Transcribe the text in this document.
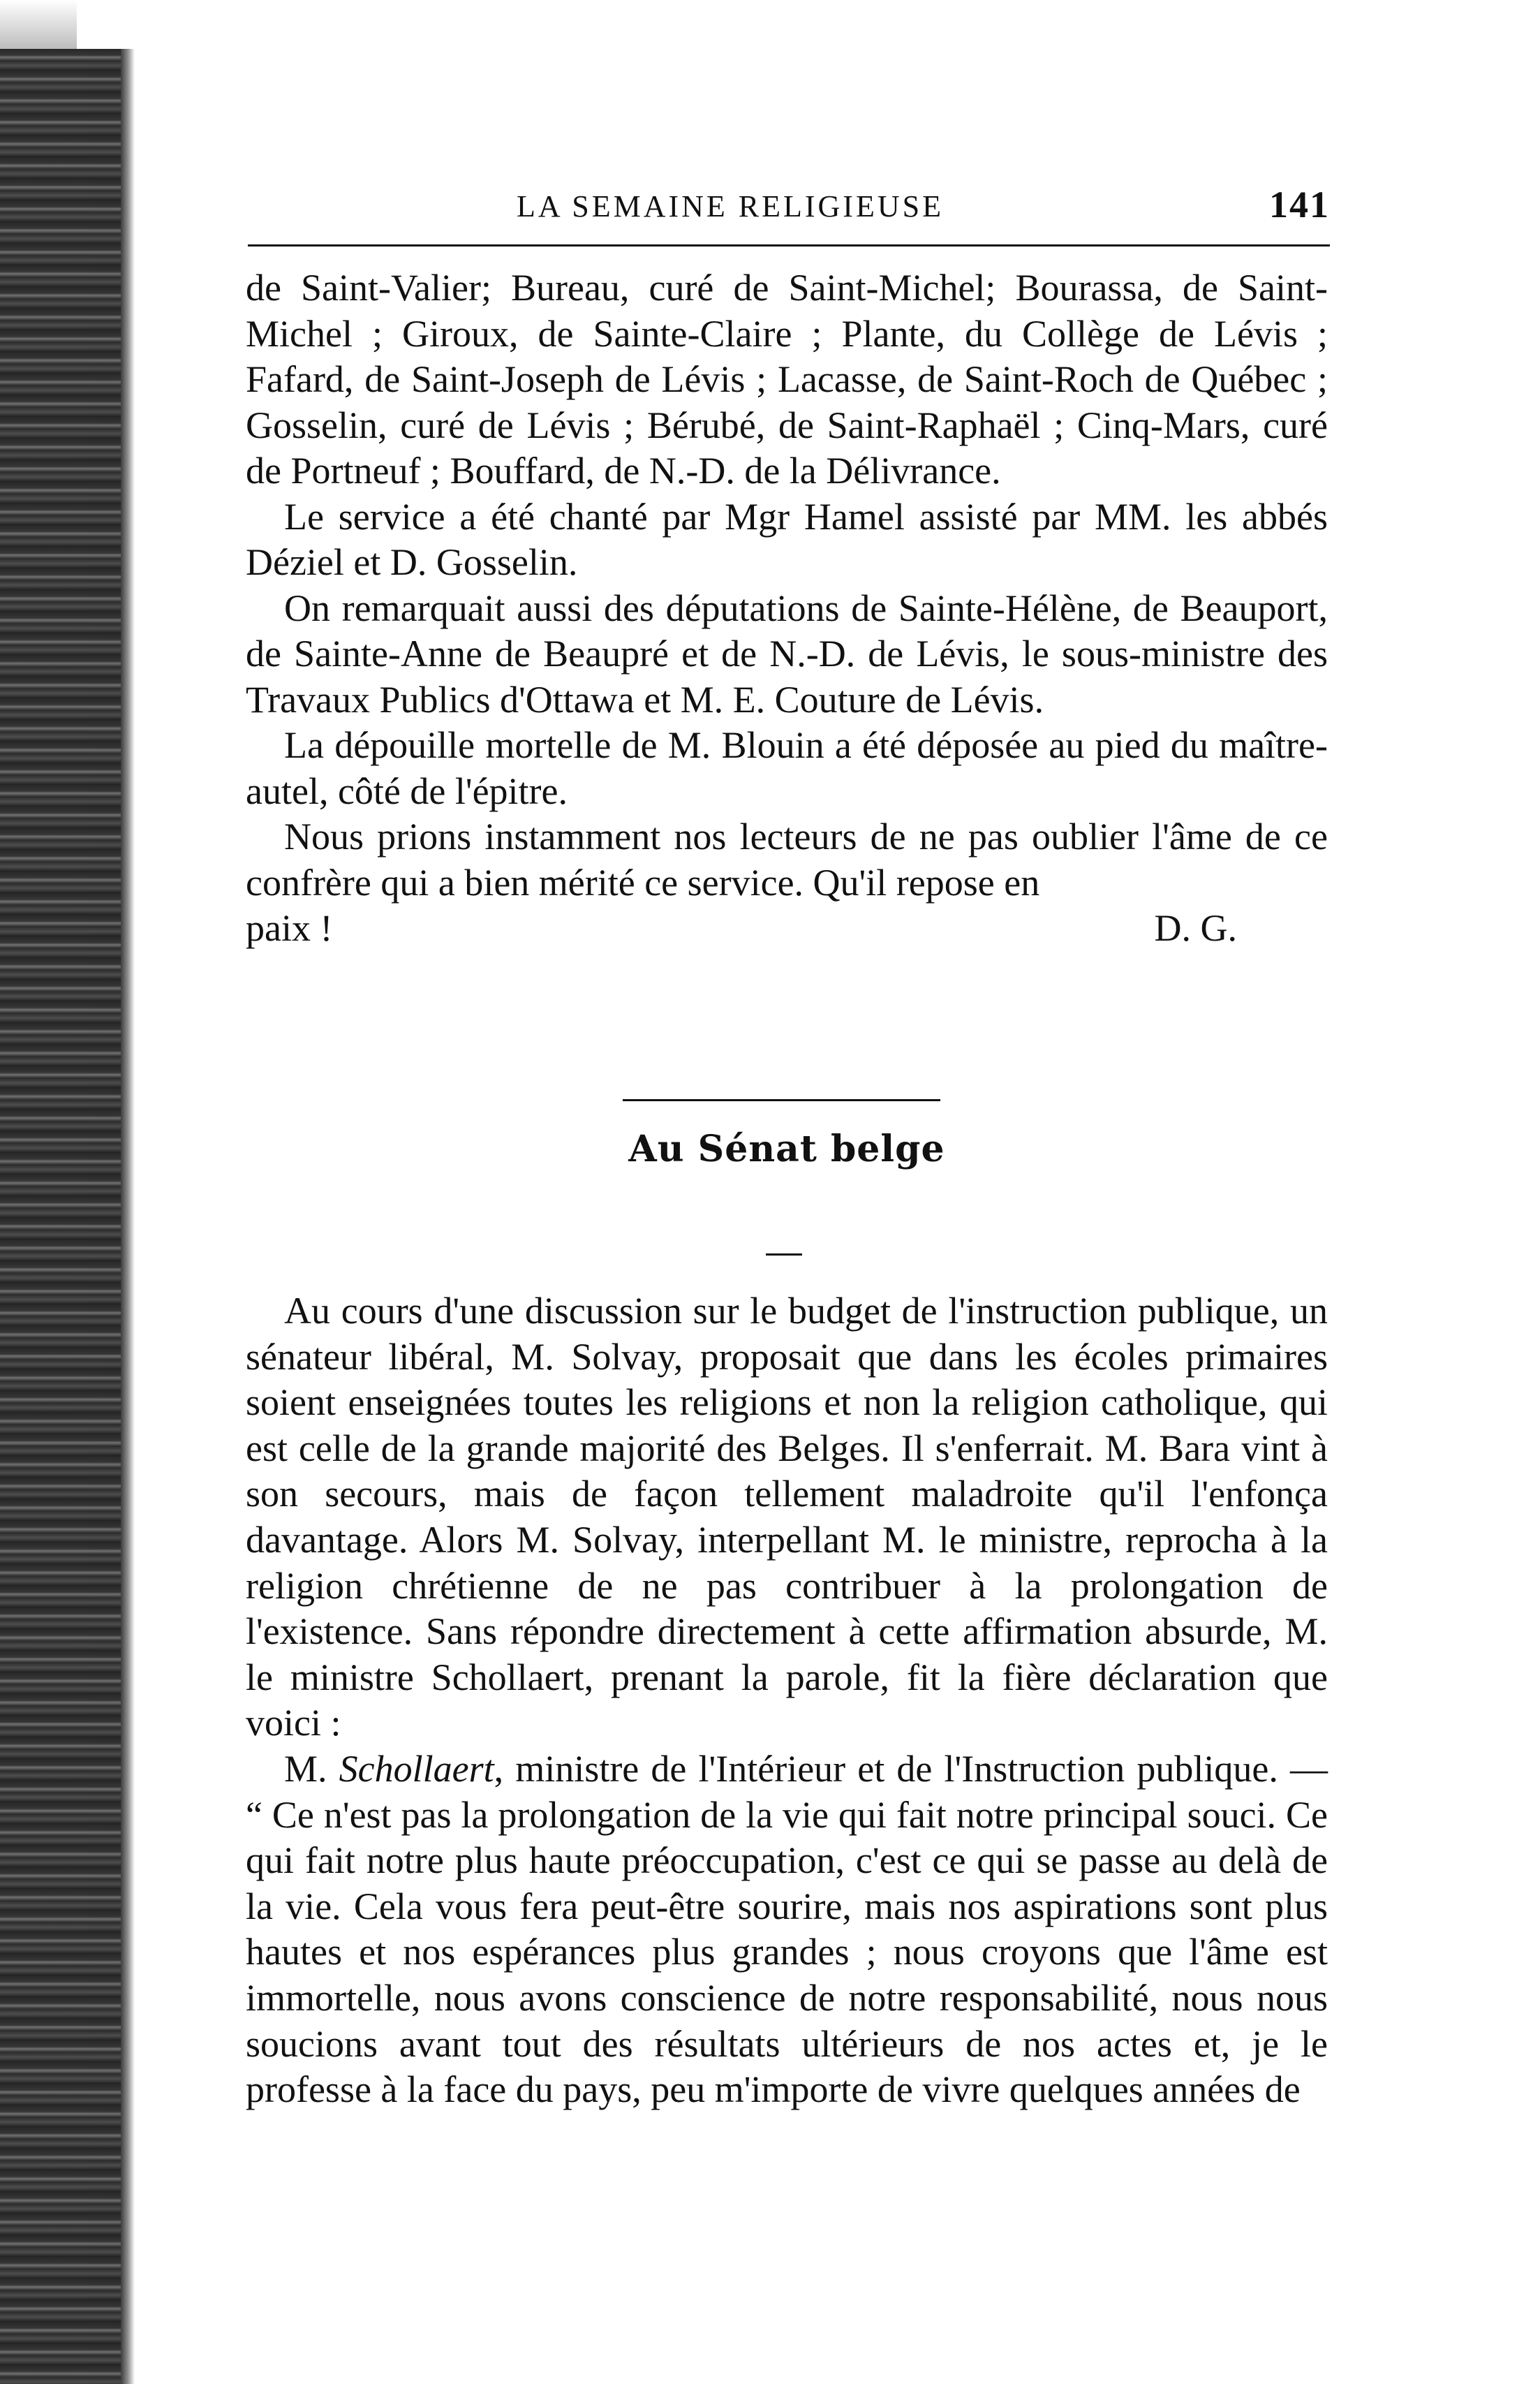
LA SEMAINE RELIGIEUSE	141

de Saint-Valier; Bureau, curé de Saint-Michel; Bourassa, de Saint-Michel ; Giroux, de Sainte-Claire ; Plante, du Collège de Lévis ; Fafard, de Saint-Joseph de Lévis ; Lacasse, de Saint-Roch de Québec ; Gosselin, curé de Lévis ; Bérubé, de Saint-Raphaël ; Cinq-Mars, curé de Portneuf ; Bouffard, de N.-D. de la Délivrance.

Le service a été chanté par Mgr Hamel assisté par MM. les abbés Déziel et D. Gosselin.

On remarquait aussi des députations de Sainte-Hélène, de Beauport, de Sainte-Anne de Beaupré et de N.-D. de Lévis, le sous-ministre des Travaux Publics d'Ottawa et M. E. Couture de Lévis.

La dépouille mortelle de M. Blouin a été déposée au pied du maître-autel, côté de l'épitre.

Nous prions instamment nos lecteurs de ne pas oublier l'âme de ce confrère qui a bien mérité ce service. Qu'il repose en

paix !	D. G.
Au Sénat belge

Au cours d'une discussion sur le budget de l'instruction publique, un sénateur libéral, M. Solvay, proposait que dans les écoles primaires soient enseignées toutes les religions et non la religion catholique, qui est celle de la grande majorité des Belges. Il s'enferrait. M. Bara vint à son secours, mais de façon tellement maladroite qu'il l'enfonça davantage. Alors M. Solvay, interpellant M. le ministre, reprocha à la religion chrétienne de ne pas contribuer à la prolongation de l'existence. Sans répondre directement à cette affirmation absurde, M. le ministre Schollaert, prenant la parole, fit la fière déclaration que voici :

M. Schollaert, ministre de l'Intérieur et de l'Instruction publique. — “ Ce n'est pas la prolongation de la vie qui fait notre principal souci. Ce qui fait notre plus haute préoccupation, c'est ce qui se passe au delà de la vie. Cela vous fera peut-être sourire, mais nos aspirations sont plus hautes et nos espérances plus grandes ; nous croyons que l'âme est immortelle, nous avons conscience de notre responsabilité, nous nous soucions avant tout des résultats ultérieurs de nos actes et, je le professe à la face du pays, peu m'importe de vivre quelques années de
